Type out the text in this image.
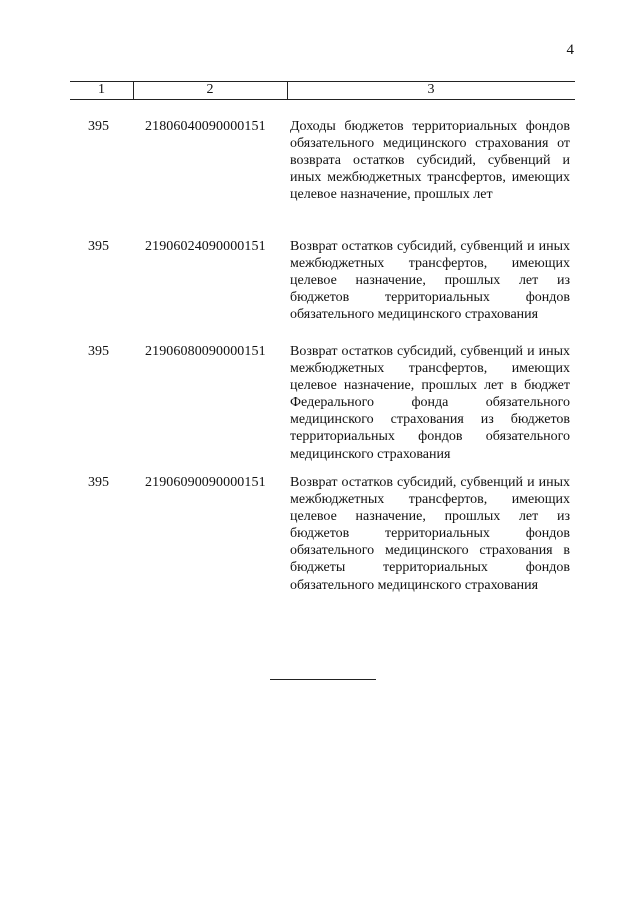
4
1	2	3
395	21806040090000151 Доходы бюджетов территориальных фондов обязательного медицинского страхования от возврата остатков субсидий, субвенций и иных межбюджетных трансфертов, имеющих целевое назначение, прошлых лет
395	21906024090000151 Возврат остатков субсидий, субвенций и иных межбюджетных трансфертов, имеющих целевое назначение, прошлых лет из бюджетов территориальных фондов обязательного медицинского страхования
395	21906080090000151 Возврат остатков субсидий, субвенций и иных межбюджетных трансфертов, имеющих целевое назначение, прошлых лет в бюджет Федерального фонда обязательного медицинского страхования из бюджетов территориальных фондов обязательного медицинского страхования
395	21906090090000151 Возврат остатков субсидий, субвенций и иных межбюджетных трансфертов, имеющих целевое назначение, прошлых лет из бюджетов территориальных фондов обязательного медицинского страхования в бюджеты территориальных фондов обязательного медицинского страхования
